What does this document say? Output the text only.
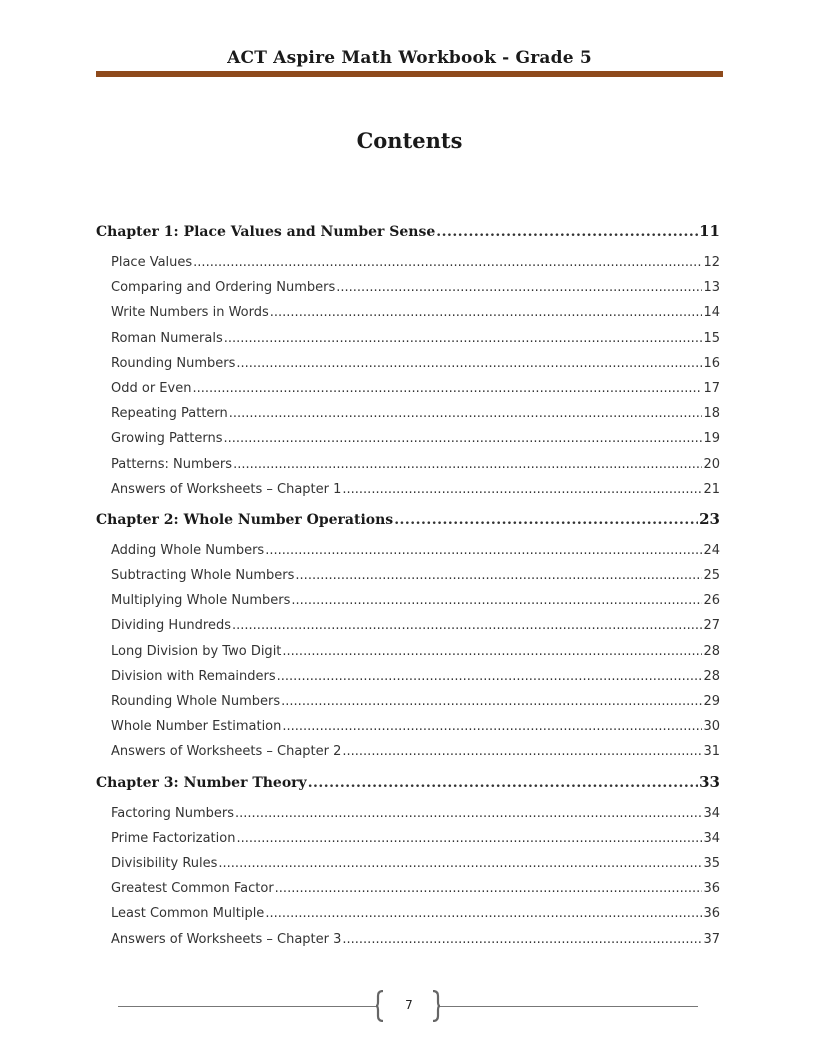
ACT Aspire Math Workbook - Grade 5
Contents
Chapter 1: Place Values and Number Sense .....	11
Place Values .....	12
Comparing and Ordering Numbers .....	13
Write Numbers in Words .....	14
Roman Numerals .....	15
Rounding Numbers .....	16
Odd or Even .....	17
Repeating Pattern .....	18
Growing Patterns .....	19
Patterns: Numbers .....	20
Answers of Worksheets – Chapter 1 .....	21
Chapter 2: Whole Number Operations .....	23
Adding Whole Numbers .....	24
Subtracting Whole Numbers .....	25
Multiplying Whole Numbers .....	26
Dividing Hundreds .....	27
Long Division by Two Digit .....	28
Division with Remainders .....	28
Rounding Whole Numbers .....	29
Whole Number Estimation .....	30
Answers of Worksheets – Chapter 2 .....	31
Chapter 3: Number Theory .....	33
Factoring Numbers .....	34
Prime Factorization .....	34
Divisibility Rules .....	35
Greatest Common Factor .....	36
Least Common Multiple .....	36
Answers of Worksheets – Chapter 3 .....	37
7
